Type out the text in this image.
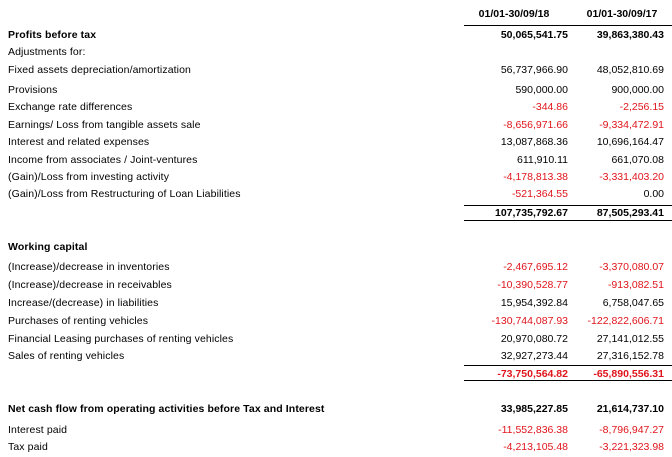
01/01-30/09/18	01/01-30/09/17
Profits before tax	50,065,541.75	39,863,380.43
Adjustments for:
Fixed assets depreciation/amortization	56,737,966.90	48,052,810.69
Provisions	590,000.00	900,000.00
Exchange rate differences	-344.86	-2,256.15
Earnings/ Loss from tangible assets sale	-8,656,971.66	-9,334,472.91
Interest and related expenses	13,087,868.36	10,696,164.47
Income from associates / Joint-ventures	611,910.11	661,070.08
(Gain)/Loss from investing activity	-4,178,813.38	-3,331,403.20
(Gain)/Loss from Restructuring of Loan Liabilities	-521,364.55	0.00
107,735,792.67	87,505,293.41
Working capital
(Increase)/decrease in inventories	-2,467,695.12	-3,370,080.07
(Increase)/decrease in receivables	-10,390,528.77	-913,082.51
Increase/(decrease) in liabilities	15,954,392.84	6,758,047.65
Purchases of renting vehicles	-130,744,087.93 -122,822,606.71
Financial Leasing purchases of renting vehicles	20,970,080.72	27,141,012.55
Sales of renting vehicles	32,927,273.44	27,316,152.78
-73,750,564.82 -65,890,556.31
Net cash flow from operating activities before Tax and Interest	33,985,227.85	21,614,737.10
Interest paid	-11,552,836.38	-8,796,947.27
Tax paid	-4,213,105.48	-3,221,323.98
